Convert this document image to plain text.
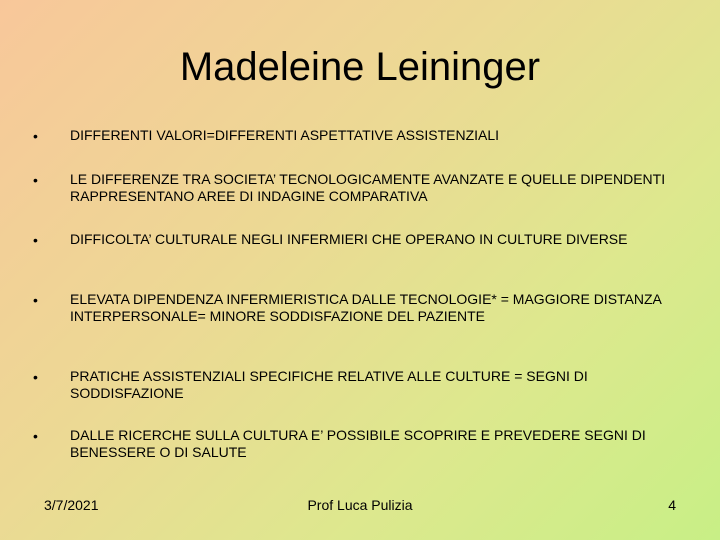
Madeleine Leininger
• DIFFERENTI VALORI=DIFFERENTI ASPETTATIVE ASSISTENZIALI
• LE DIFFERENZE TRA SOCIETA’ TECNOLOGICAMENTE AVANZATE E QUELLE DIPENDENTI RAPPRESENTANO AREE DI INDAGINE COMPARATIVA
• DIFFICOLTA’ CULTURALE NEGLI INFERMIERI CHE OPERANO IN CULTURE DIVERSE
• ELEVATA DIPENDENZA INFERMIERISTICA DALLE TECNOLOGIE* = MAGGIORE DISTANZA INTERPERSONALE= MINORE SODDISFAZIONE DEL PAZIENTE
• PRATICHE ASSISTENZIALI SPECIFICHE RELATIVE ALLE CULTURE = SEGNI DI SODDISFAZIONE
• DALLE RICERCHE SULLA CULTURA E’ POSSIBILE SCOPRIRE E PREVEDERE SEGNI DI BENESSERE O DI SALUTE
3/7/2021	Prof Luca Pulizia	4
